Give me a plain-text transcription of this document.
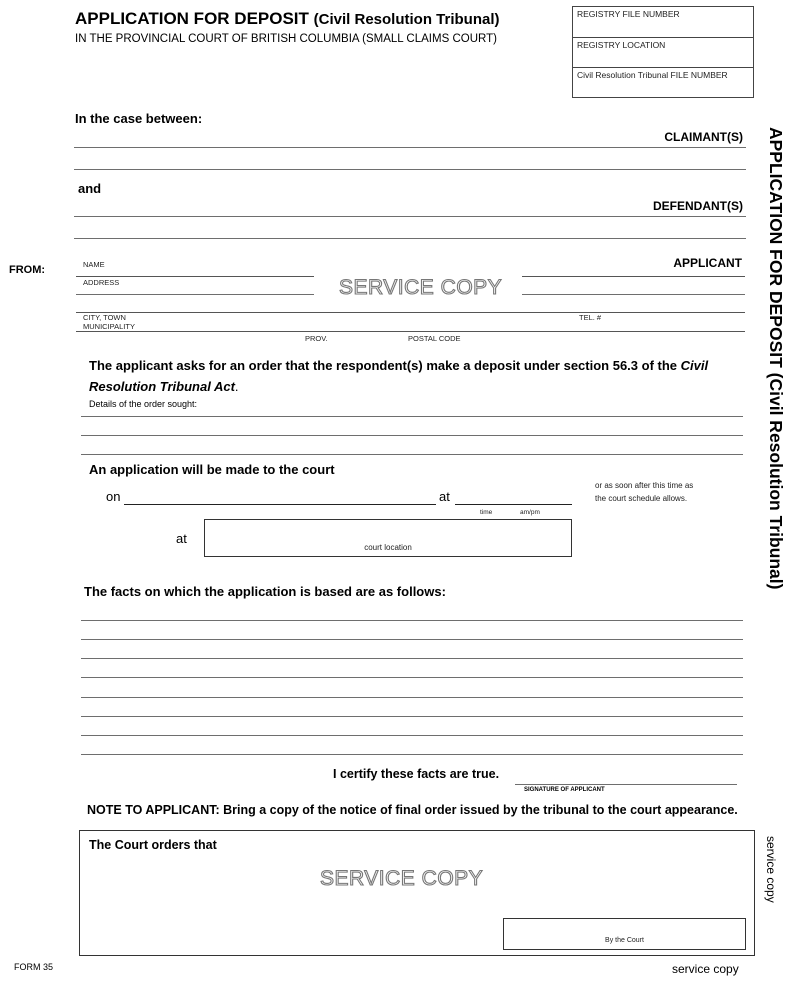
APPLICATION FOR DEPOSIT (Civil Resolution Tribunal)
IN THE PROVINCIAL COURT OF BRITISH COLUMBIA (SMALL CLAIMS COURT)
REGISTRY FILE NUMBER
REGISTRY LOCATION
Civil Resolution Tribunal FILE NUMBER
In the case between:
CLAIMANT(S)
and
DEFENDANT(S)
FROM:	NAME
ADDRESS	SERVICE COPY
APPLICANT
CITY, TOWN
MUNICIPALITY
TEL. #
PROV.	POSTAL CODE
The applicant asks for an order that the respondent(s) make a deposit under section 56.3 of the Civil Resolution Tribunal Act.
Details of the order sought:
An application will be made to the court
on	at
time	am/pm
or as soon after this time as
the court schedule allows.
at
court location
The facts on which the application is based are as follows:
I certify these facts are true.
SIGNATURE OF APPLICANT
NOTE TO APPLICANT: Bring a copy of the notice of final order issued by the tribunal to the court appearance.
The Court orders that
SERVICE COPY
By the Court
APPLICATION FOR DEPOSIT (Civil Resolution Tribunal)
service copy
FORM 35	service copy
